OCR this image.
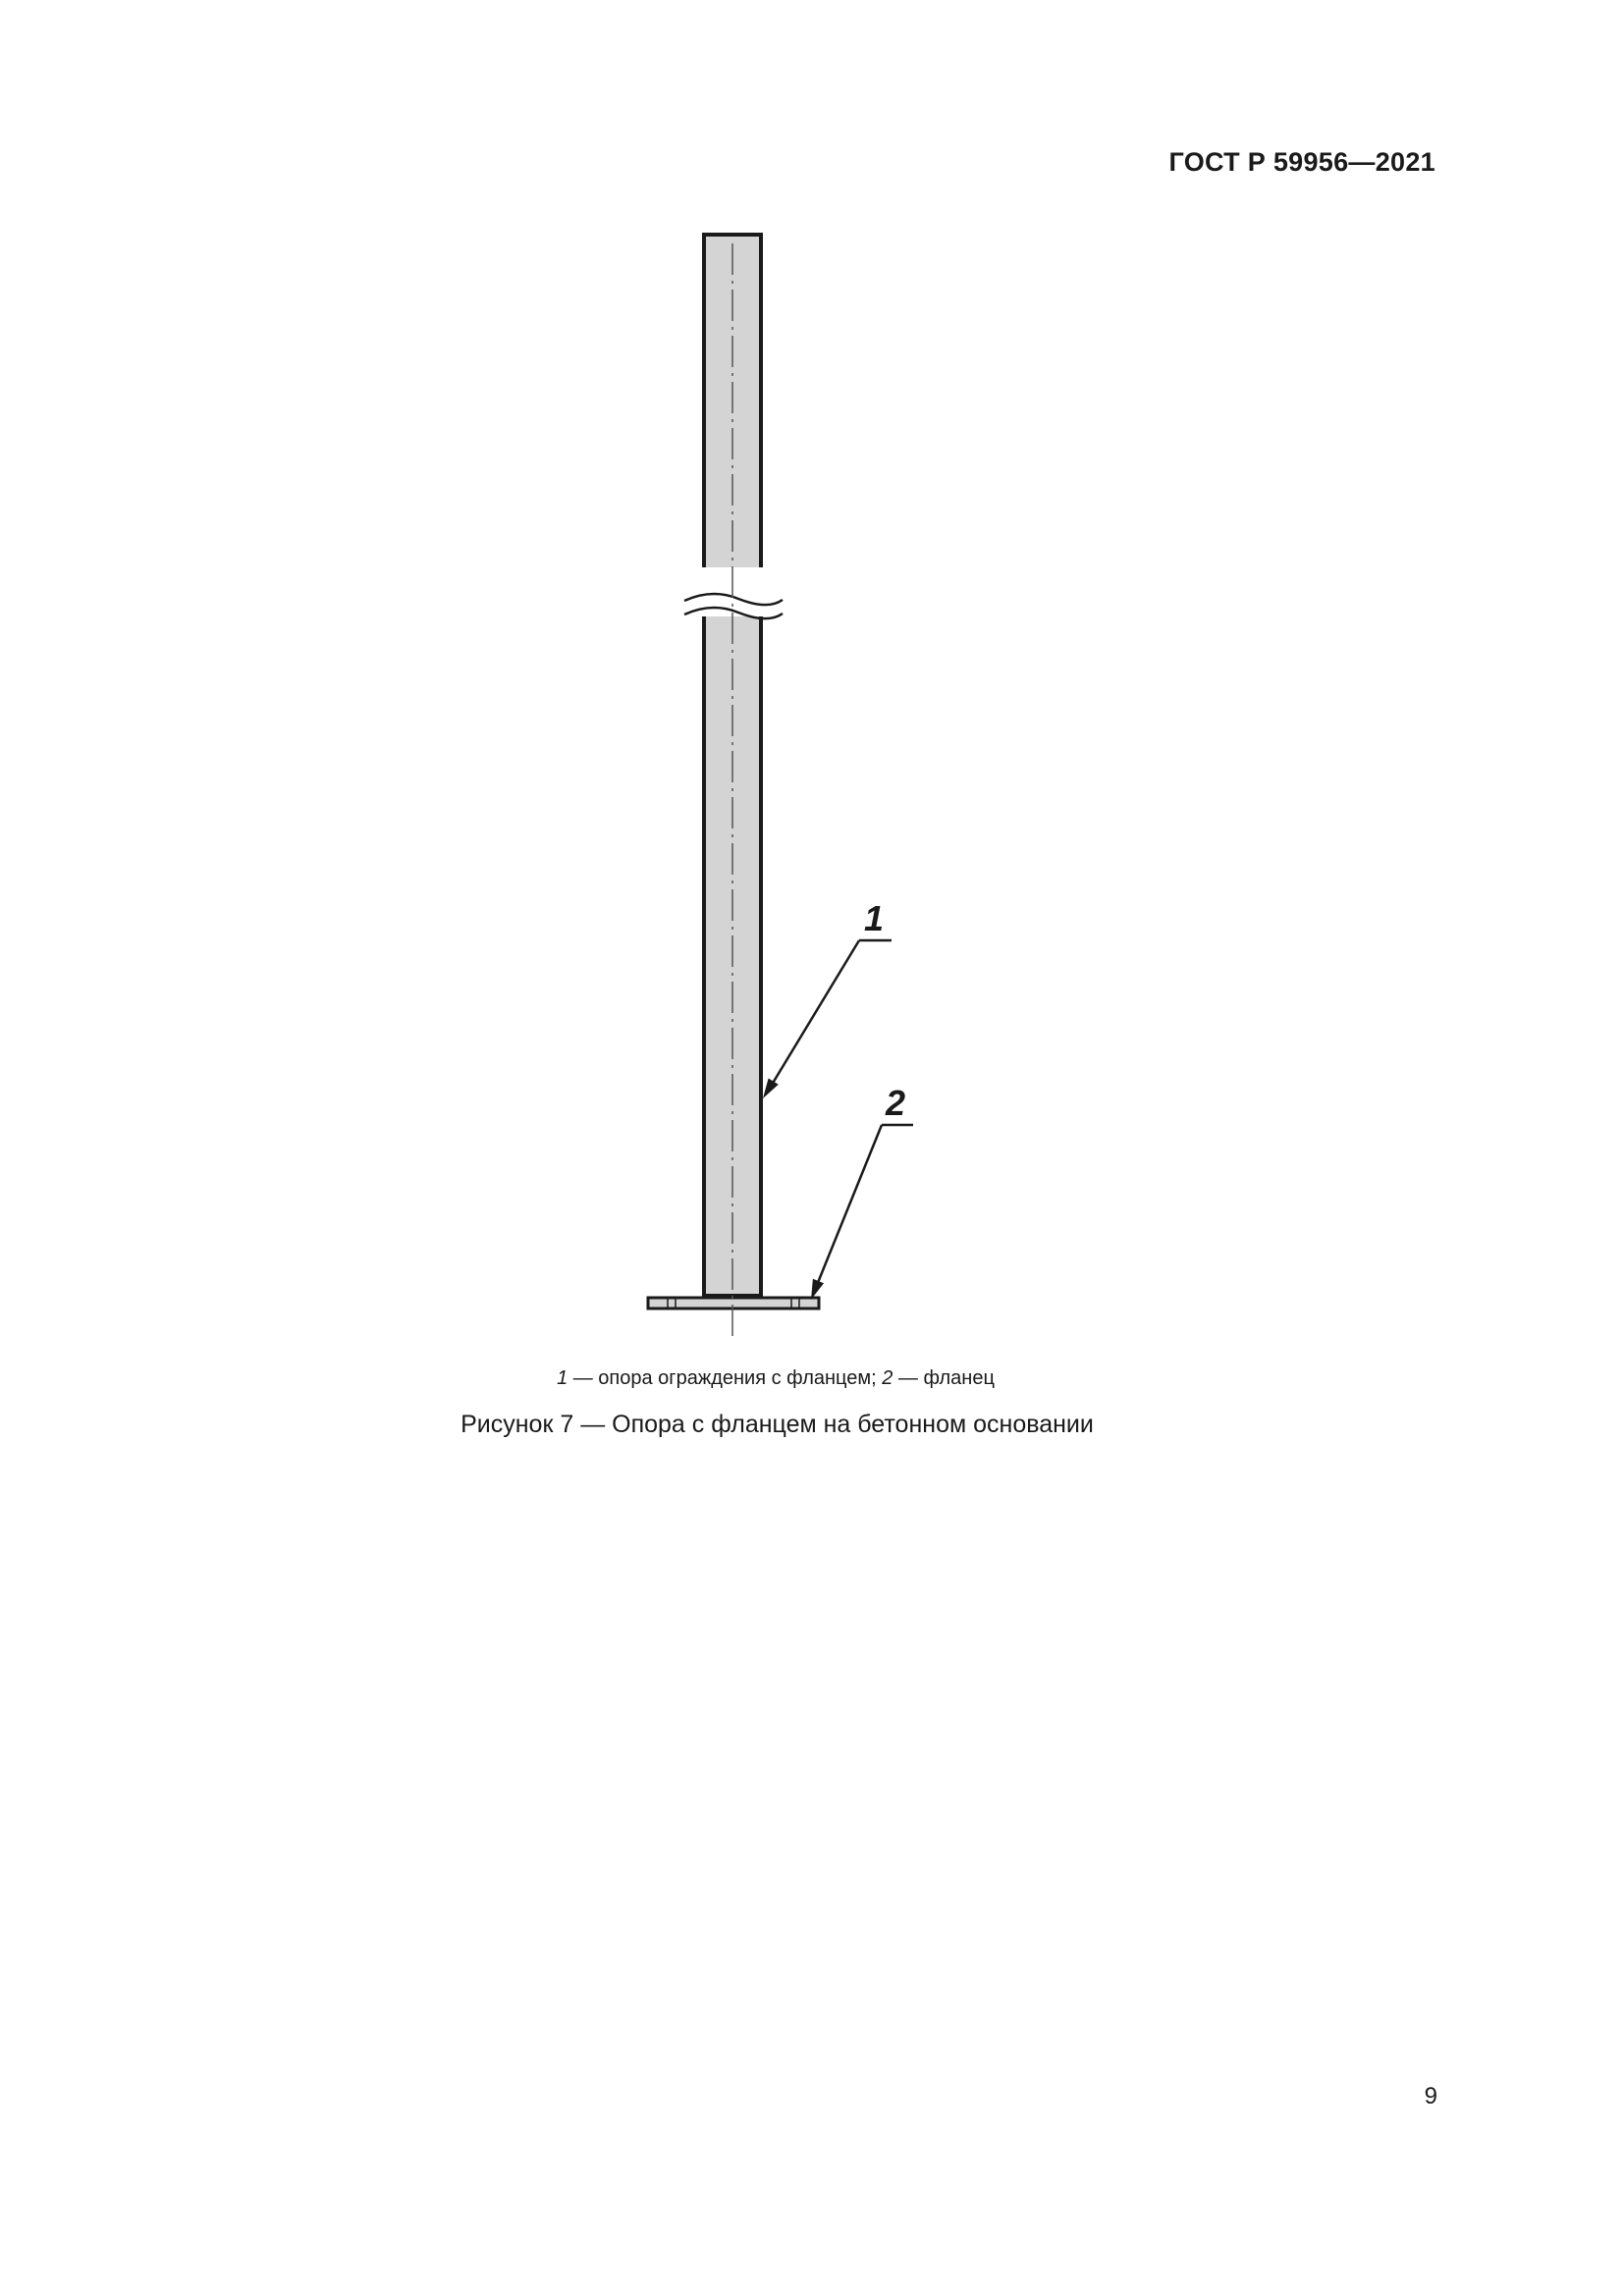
ГОСТ Р 59956—2021
1
2
1 — опора ограждения с фланцем; 2 — фланец
Рисунок 7 — Опора с фланцем на бетонном основании
9
